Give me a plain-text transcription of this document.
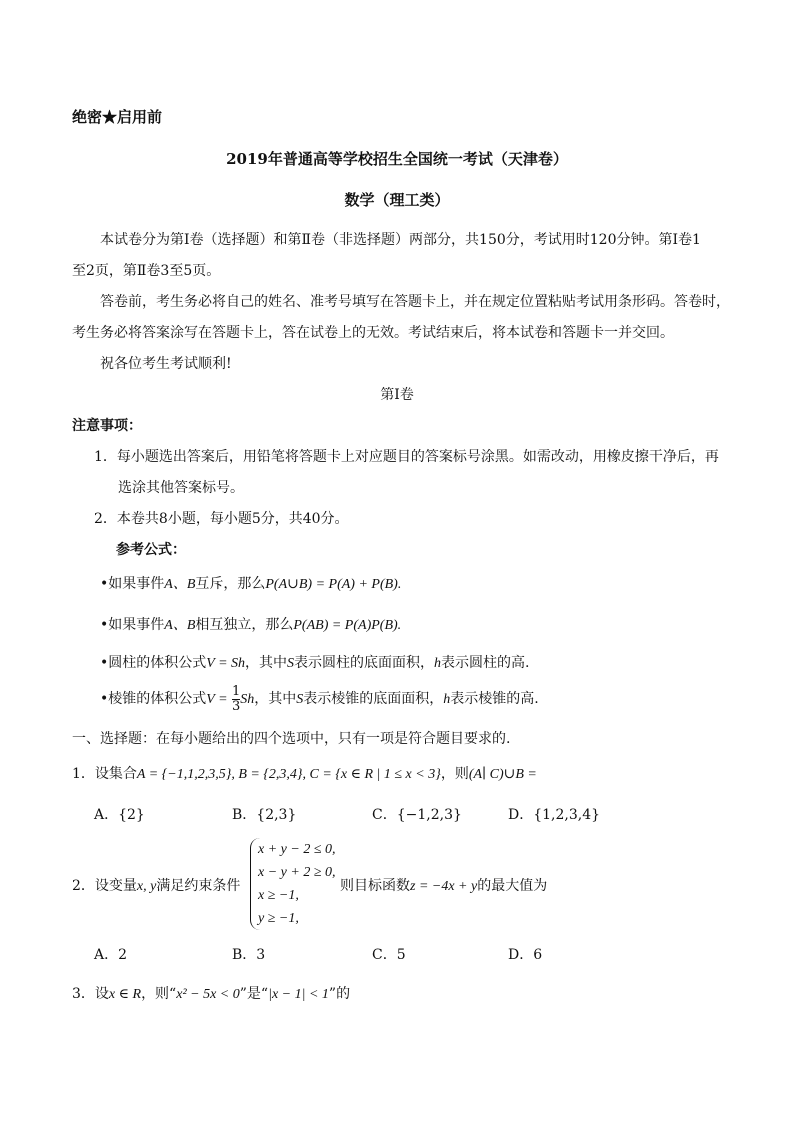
绝密★启用前
2019年普通高等学校招生全国统一考试（天津卷）
数学（理工类）
本试卷分为第Ⅰ卷（选择题）和第Ⅱ卷（非选择题）两部分，共150分，考试用时120分钟。第Ⅰ卷1
至2页，第Ⅱ卷3至5页。
答卷前，考生务必将自己的姓名、准考号填写在答题卡上，并在规定位置粘贴考试用条形码。答卷时，
考生务必将答案涂写在答题卡上，答在试卷上的无效。考试结束后，将本试卷和答题卡一并交回。
祝各位考生考试顺利!
第Ⅰ卷
注意事项：
1．每小题选出答案后，用铅笔将答题卡上对应题目的答案标号涂黑。如需改动，用橡皮擦干净后，再
选涂其他答案标号。
2．本卷共8小题，每小题5分，共40分。
参考公式：
•如果事件A、B互斥，那么P(A∪B) = P(A) + P(B).
•如果事件A、B相互独立，那么P(AB) = P(A)P(B).
•圆柱的体积公式V = Sh，其中S表示圆柱的底面面积，h表示圆柱的高.
•棱锥的体积公式$V = \frac{1}{3}$ Sh，其中S表示棱锥的底面面积，h表示棱锥的高.
一、选择题：在每小题给出的四个选项中，只有一项是符合题目要求的.
1．设集合A = {−1,1,2,3,5}, B = {2,3,4}, C = {x ∈ R | 1 ≤ x < 3}，则(A∣ C)∪B =
A．{2}	B．{2,3}	C．{−1,2,3}	D．{1,2,3,4}
2．设变量x, y满足约束条件
x + y − 2 ≤ 0,
x − y + 2 ≥ 0,
x ≥ −1,
y ≥ −1,
则目标函数z = −4x + y的最大值为
A．2	B．3	C．5	D．6
3．设x ∈ R，则“x² − 5x < 0”是“|x − 1| < 1”的
